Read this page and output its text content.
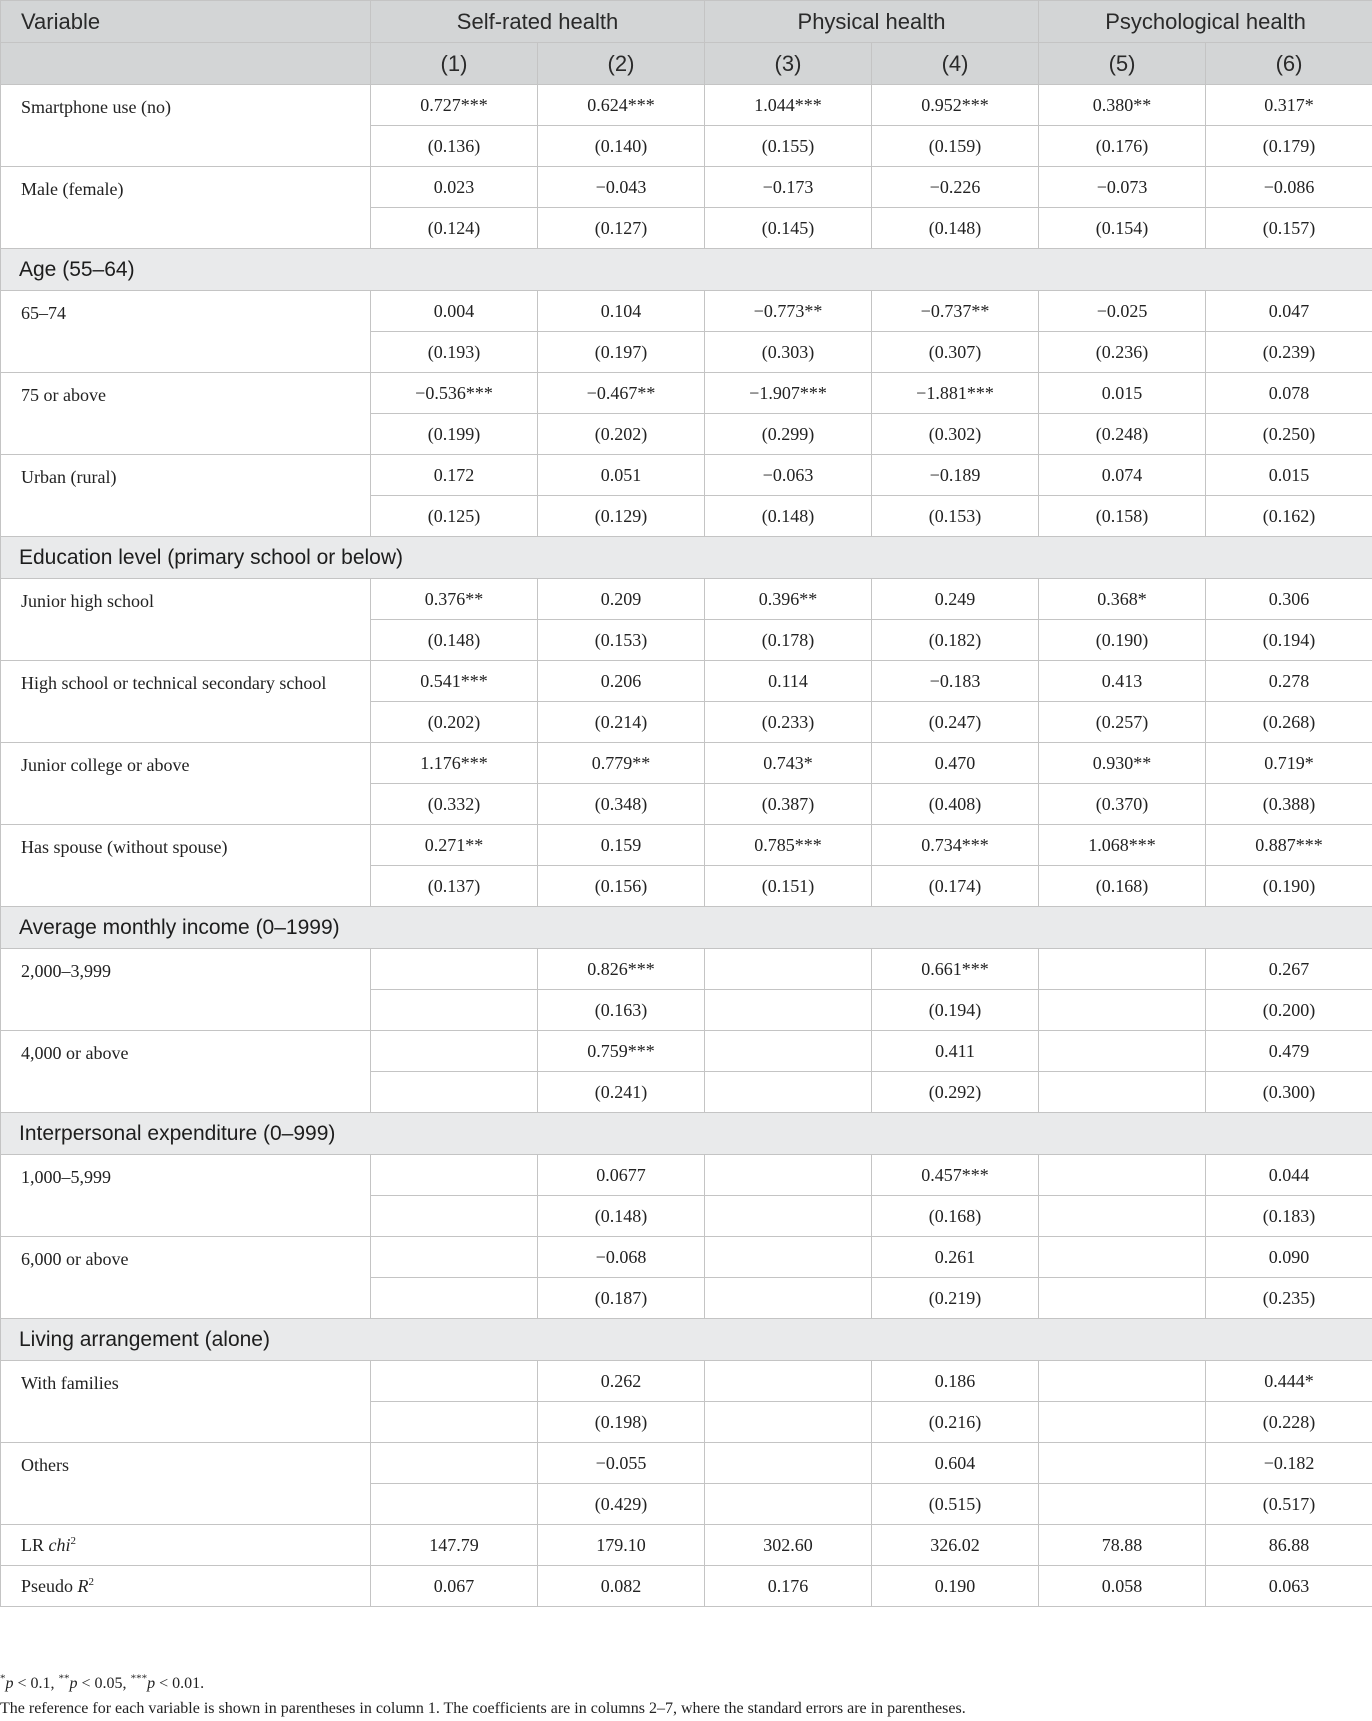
Variable	Self-rated health		Physical health		Psychological health	
	(1)	(2)	(3)	(4)	(5)	(6)
Smartphone use (no)	0.727***	0.624***	1.044***	0.952***	0.380**	0.317*
	(0.136)	(0.140)	(0.155)	(0.159)	(0.176)	(0.179)
Male (female)	0.023	−0.043	−0.173	−0.226	−0.073	−0.086
	(0.124)	(0.127)	(0.145)	(0.148)	(0.154)	(0.157)
Age (55–64)						
65–74	0.004	0.104	−0.773**	−0.737**	−0.025	0.047
	(0.193)	(0.197)	(0.303)	(0.307)	(0.236)	(0.239)
75 or above	−0.536***	−0.467**	−1.907***	−1.881***	0.015	0.078
	(0.199)	(0.202)	(0.299)	(0.302)	(0.248)	(0.250)
Urban (rural)	0.172	0.051	−0.063	−0.189	0.074	0.015
	(0.125)	(0.129)	(0.148)	(0.153)	(0.158)	(0.162)
Education level (primary school or below)						
Junior high school	0.376**	0.209	0.396**	0.249	0.368*	0.306
	(0.148)	(0.153)	(0.178)	(0.182)	(0.190)	(0.194)
High school or technical secondary school	0.541***	0.206	0.114	−0.183	0.413	0.278
	(0.202)	(0.214)	(0.233)	(0.247)	(0.257)	(0.268)
Junior college or above	1.176***	0.779**	0.743*	0.470	0.930**	0.719*
	(0.332)	(0.348)	(0.387)	(0.408)	(0.370)	(0.388)
Has spouse (without spouse)	0.271**	0.159	0.785***	0.734***	1.068***	0.887***
	(0.137)	(0.156)	(0.151)	(0.174)	(0.168)	(0.190)
Average monthly income (0–1999)						
2,000–3,999		0.826***		0.661***		0.267
		(0.163)		(0.194)		(0.200)
4,000 or above		0.759***		0.411		0.479
		(0.241)		(0.292)		(0.300)
Interpersonal expenditure (0–999)						
1,000–5,999		0.0677		0.457***		0.044
		(0.148)		(0.168)		(0.183)
6,000 or above		−0.068		0.261		0.090
		(0.187)		(0.219)		(0.235)
Living arrangement (alone)						
With families		0.262		0.186		0.444*
		(0.198)		(0.216)		(0.228)
Others		−0.055		0.604		−0.182
		(0.429)		(0.515)		(0.517)
LR chi$^2$	147.79	179.10	302.60	326.02	78.88	86.88
Pseudo $R^2$	0.067	0.082	0.176	0.190	0.058	0.063
*p < 0.1, **p < 0.05, ***p < 0.01.
The reference for each variable is shown in parentheses in column 1. The coefficients are in columns 2–7, where the standard errors are in parentheses.
